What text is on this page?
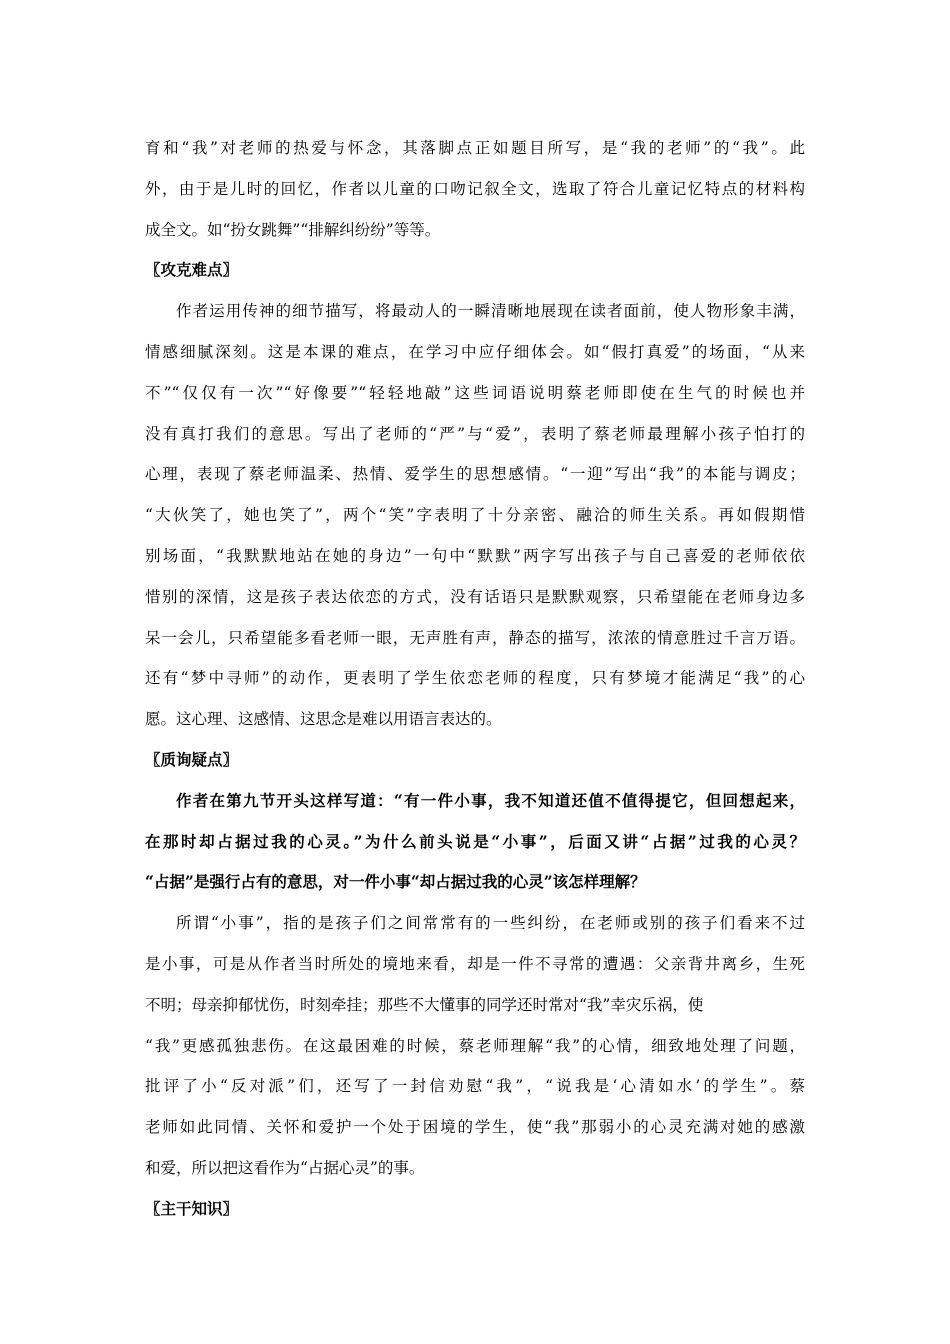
育和“我”对老师的热爱与怀念，其落脚点正如题目所写，是“我的老师”的“我”。此
外，由于是儿时的回忆，作者以儿童的口吻记叙全文，选取了符合儿童记忆特点的材料构
成全文。如“扮女跳舞”“排解纠纷纷”等等。
〖攻克难点〗
作者运用传神的细节描写，将最动人的一瞬清晰地展现在读者面前，使人物形象丰满，
情感细腻深刻。这是本课的难点，在学习中应仔细体会。如“假打真爱”的场面，“从来
不”“仅仅有一次”“好像要”“轻轻地敲”这些词语说明蔡老师即使在生气的时候也并
没有真打我们的意思。写出了老师的“严”与“爱”，表明了蔡老师最理解小孩子怕打的
心理，表现了蔡老师温柔、热情、爱学生的思想感情。“一迎”写出“我”的本能与调皮；
“大伙笑了，她也笑了”，两个“笑”字表明了十分亲密、融洽的师生关系。再如假期惜
别场面，“我默默地站在她的身边”一句中“默默”两字写出孩子与自己喜爱的老师依依
惜别的深情，这是孩子表达依恋的方式，没有话语只是默默观察，只希望能在老师身边多
呆一会儿，只希望能多看老师一眼，无声胜有声，静态的描写，浓浓的情意胜过千言万语。
还有“梦中寻师”的动作，更表明了学生依恋老师的程度，只有梦境才能满足“我”的心
愿。这心理、这感情、这思念是难以用语言表达的。
〖质询疑点〗
作者在第九节开头这样写道：“有一件小事，我不知道还值不值得提它，但回想起来，
在那时却占据过我的心灵。”为什么前头说是“小事”，后面又讲“占据”过我的心灵？
“占据”是强行占有的意思，对一件小事“却占据过我的心灵”该怎样理解？
所谓“小事”，指的是孩子们之间常常有的一些纠纷，在老师或别的孩子们看来不过
是小事，可是从作者当时所处的境地来看，却是一件不寻常的遭遇：父亲背井离乡，生死
不明；母亲抑郁忧伤，时刻牵挂；那些不大懂事的同学还时常对“我”幸灾乐祸，使
“我”更感孤独悲伤。在这最困难的时候，蔡老师理解“我”的心情，细致地处理了问题，
批评了小“反对派”们，还写了一封信劝慰“我”，“说我是‘心清如水’的学生”。蔡
老师如此同情、关怀和爱护一个处于困境的学生，使“我”那弱小的心灵充满对她的感激
和爱，所以把这看作为“占据心灵”的事。
〖主干知识〗
